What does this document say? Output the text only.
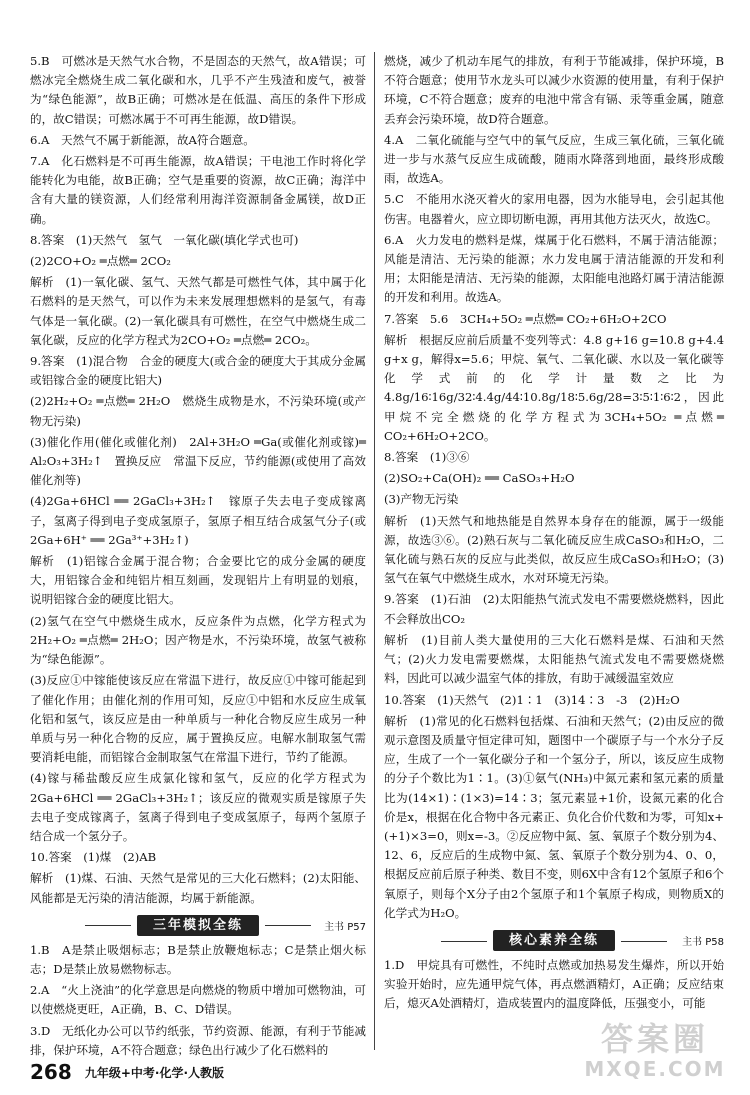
5.B　可燃冰是天然气水合物，不是固态的天然气，故A错误；可燃冰完全燃烧生成二氧化碳和水，几乎不产生残渣和废气，被誉为“绿色能源”，故B正确；可燃冰是在低温、高压的条件下形成的，故C错误；可燃冰属于不可再生能源，故D错误。

6.A　天然气不属于新能源，故A符合题意。

7.A　化石燃料是不可再生能源，故A错误；干电池工作时将化学能转化为电能，故B正确；空气是重要的资源，故C正确；海洋中含有大量的镁资源，人们经常利用海洋资源制备金属镁，故D正确。

8.答案　(1)天然气　氢气　一氧化碳(填化学式也可)

(2)2CO+O₂ ═点燃═ 2CO₂

解析　(1)一氧化碳、氢气、天然气都是可燃性气体，其中属于化石燃料的是天然气，可以作为未来发展理想燃料的是氢气，有毒气体是一氧化碳。(2)一氧化碳具有可燃性，在空气中燃烧生成二氧化碳，反应的化学方程式为2CO+O₂ ═点燃═ 2CO₂。

9.答案　(1)混合物　合金的硬度大(或合金的硬度大于其成分金属或铝镓合金的硬度比铝大)

(2)2H₂+O₂ ═点燃═ 2H₂O　燃烧生成物是水，不污染环境(或产物无污染)

(3)催化作用(催化或催化剂)　2Al+3H₂O ═Ga(或催化剂或镓)═ Al₂O₃+3H₂↑　置换反应　常温下反应，节约能源(或使用了高效催化剂等)

(4)2Ga+6HCl ══ 2GaCl₃+3H₂↑　镓原子失去电子变成镓离子，氢离子得到电子变成氢原子，氢原子相互结合成氢气分子(或2Ga+6H⁺ ══ 2Ga³⁺+3H₂↑)

解析　(1)铝镓合金属于混合物；合金要比它的成分金属的硬度大，用铝镓合金和纯铝片相互刻画，发现铝片上有明显的划痕，说明铝镓合金的硬度比铝大。

(2)氢气在空气中燃烧生成水，反应条件为点燃，化学方程式为2H₂+O₂ ═点燃═ 2H₂O；因产物是水，不污染环境，故氢气被称为“绿色能源”。

(3)反应①中镓能使该反应在常温下进行，故反应①中镓可能起到了催化作用；由催化剂的作用可知，反应①中铝和水反应生成氧化铝和氢气，该反应是由一种单质与一种化合物反应生成另一种单质与另一种化合物的反应，属于置换反应。电解水制取氢气需要消耗电能，而铝镓合金制取氢气在常温下进行，节约了能源。

(4)镓与稀盐酸反应生成氯化镓和氢气，反应的化学方程式为2Ga+6HCl ══ 2GaCl₃+3H₂↑；该反应的微观实质是镓原子失去电子变成镓离子，氢离子得到电子变成氢原子，每两个氢原子结合成一个氢分子。

10.答案　(1)煤　(2)AB

解析　(1)煤、石油、天然气是常见的三大化石燃料；(2)太阳能、风能都是无污染的清洁能源，均属于新能源。

三年模拟全练	主书 P57

1.B　A是禁止吸烟标志；B是禁止放鞭炮标志；C是禁止烟火标志；D是禁止放易燃物标志。

2.A　“火上浇油”的化学意思是向燃烧的物质中增加可燃物油，可以使燃烧更旺，A正确，B、C、D错误。

3.D　无纸化办公可以节约纸张，节约资源、能源，有利于节能减排，保护环境，A不符合题意；绿色出行减少了化石燃料的

燃烧，减少了机动车尾气的排放，有利于节能减排，保护环境，B不符合题意；使用节水龙头可以减少水资源的使用量，有利于保护环境，C不符合题意；废弃的电池中常含有镉、汞等重金属，随意丢弃会污染环境，故D符合题意。

4.A　二氧化硫能与空气中的氧气反应，生成三氧化硫，三氧化硫进一步与水蒸气反应生成硫酸，随雨水降落到地面，最终形成酸雨，故选A。

5.C　不能用水浇灭着火的家用电器，因为水能导电，会引起其他伤害。电器着火，应立即切断电源，再用其他方法灭火，故选C。

6.A　火力发电的燃料是煤，煤属于化石燃料，不属于清洁能源；风能是清洁、无污染的能源；水力发电属于清洁能源的开发和利用；太阳能是清洁、无污染的能源，太阳能电池路灯属于清洁能源的开发和利用。故选A。

7.答案　5.6　3CH₄+5O₂ ═点燃═ CO₂+6H₂O+2CO

解析　根据反应前后质量不变列等式：4.8 g+16 g=10.8 g+4.4 g+x g，解得x=5.6；甲烷、氧气、二氧化碳、水以及一氧化碳等化学式前的化学计量数之比为4.8g/16∶16g/32∶4.4g/44∶10.8g/18∶5.6g/28=3∶5∶1∶6∶2，因此甲烷不完全燃烧的化学方程式为3CH₄+5O₂ ═点燃═ CO₂+6H₂O+2CO。

8.答案　(1)③⑥

(2)SO₂+Ca(OH)₂ ══ CaSO₃+H₂O

(3)产物无污染

解析　(1)天然气和地热能是自然界本身存在的能源，属于一级能源，故选③⑥。(2)熟石灰与二氧化硫反应生成CaSO₃和H₂O，二氧化硫与熟石灰的反应与此类似，故反应生成CaSO₃和H₂O；(3)氢气在氧气中燃烧生成水，水对环境无污染。

9.答案　(1)石油　(2)太阳能热气流式发电不需要燃烧燃料，因此不会释放出CO₂

解析　(1)目前人类大量使用的三大化石燃料是煤、石油和天然气；(2)火力发电需要燃煤，太阳能热气流式发电不需要燃烧燃料，因此可以减少温室气体的排放，有助于减缓温室效应

10.答案　(1)天然气　(2)1∶1　(3)14∶3　-3　(2)H₂O

解析　(1)常见的化石燃料包括煤、石油和天然气；(2)由反应的微观示意图及质量守恒定律可知，题图中一个碳原子与一个水分子反应，生成了一个一氧化碳分子和一个氢分子，所以，该反应生成物的分子个数比为1∶1。(3)①氨气(NH₃)中氮元素和氢元素的质量比为(14×1)∶(1×3)=14∶3；氢元素显+1价，设氮元素的化合价是x，根据在化合物中各元素正、负化合价代数和为零，可知x+(+1)×3=0，则x=-3。②反应物中氮、氢、氧原子个数分别为4、12、6，反应后的生成物中氮、氢、氧原子个数分别为4、0、0，根据反应前后原子种类、数目不变，则6X中含有12个氢原子和6个氧原子，则每个X分子由2个氢原子和1个氧原子构成，则物质X的化学式为H₂O。

核心素养全练	主书 P58

1.D　甲烷具有可燃性，不纯时点燃或加热易发生爆炸，所以开始实验开始时，应先通甲烷气体，再点燃酒精灯，A正确；反应结束后，熄灭A处酒精灯，造成装置内的温度降低，压强变小，可能

268 九年级+中考·化学·人教版
答案圈
MXQE.COM
